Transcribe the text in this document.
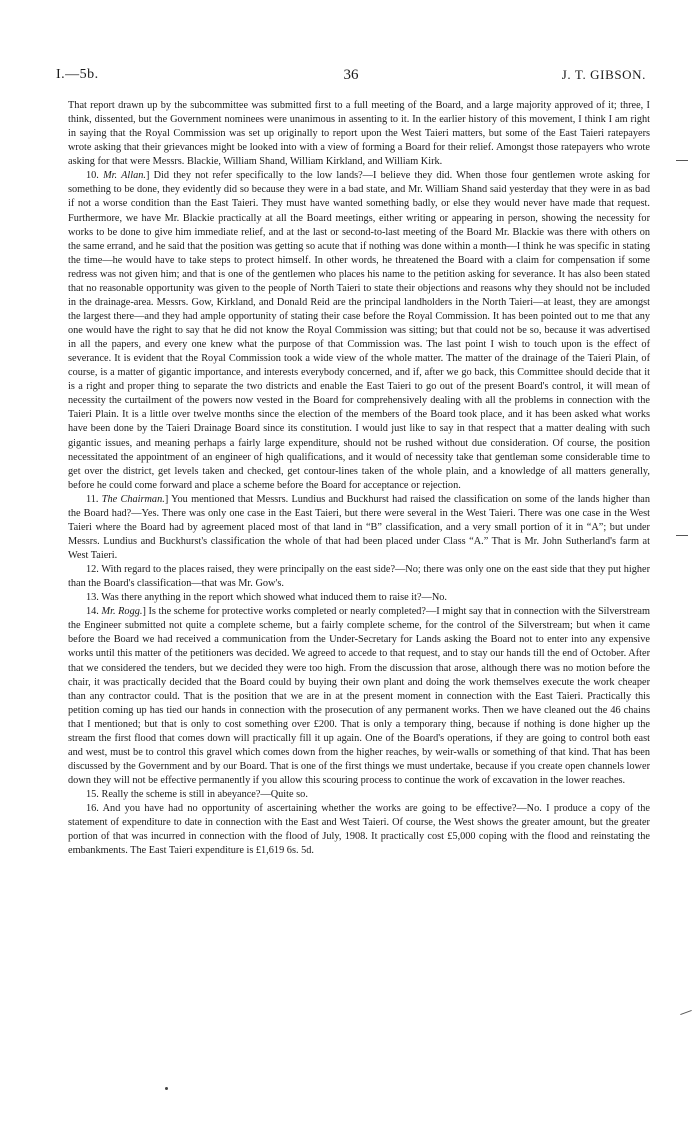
I.—5b.	36	J. T. GIBSON.

That report drawn up by the subcommittee was submitted first to a full meeting of the Board, and a large majority approved of it; three, I think, dissented, but the Government nominees were unanimous in assenting to it. In the earlier history of this movement, I think I am right in saying that the Royal Commission was set up originally to report upon the West Taieri matters, but some of the East Taieri ratepayers wrote asking that their grievances might be looked into with a view of forming a Board for their relief. Amongst those ratepayers who wrote asking for that were Messrs. Blackie, William Shand, William Kirkland, and William Kirk.

10. Mr. Allan.] Did they not refer specifically to the low lands?—I believe they did. When those four gentlemen wrote asking for something to be done, they evidently did so because they were in a bad state, and Mr. William Shand said yesterday that they were in as bad if not a worse condition than the East Taieri. They must have wanted something badly, or else they would never have made that request. Furthermore, we have Mr. Blackie practically at all the Board meetings, either writing or appearing in person, showing the necessity for works to be done to give him immediate relief, and at the last or second-to-last meeting of the Board Mr. Blackie was there with others on the same errand, and he said that the position was getting so acute that if nothing was done within a month—I think he was specific in stating the time—he would have to take steps to protect himself. In other words, he threatened the Board with a claim for compensation if some redress was not given him; and that is one of the gentlemen who places his name to the petition asking for severance. It has also been stated that no reasonable opportunity was given to the people of North Taieri to state their objections and reasons why they should not be included in the drainage-area. Messrs. Gow, Kirkland, and Donald Reid are the principal landholders in the North Taieri—at least, they are amongst the largest there—and they had ample opportunity of stating their case before the Royal Commission. It has been pointed out to me that any one would have the right to say that he did not know the Royal Commission was sitting; but that could not be so, because it was advertised in all the papers, and every one knew what the purpose of that Commission was. The last point I wish to touch upon is the effect of severance. It is evident that the Royal Commission took a wide view of the whole matter. The matter of the drainage of the Taieri Plain, of course, is a matter of gigantic importance, and interests everybody concerned, and if, after we go back, this Committee should decide that it is a right and proper thing to separate the two districts and enable the East Taieri to go out of the present Board's control, it will mean of necessity the curtailment of the powers now vested in the Board for comprehensively dealing with all the problems in connection with the Taieri Plain. It is a little over twelve months since the election of the members of the Board took place, and it has been asked what works have been done by the Taieri Drainage Board since its constitution. I would just like to say in that respect that a matter dealing with such gigantic issues, and meaning perhaps a fairly large expenditure, should not be rushed without due consideration. Of course, the position necessitated the appointment of an engineer of high qualifications, and it would of necessity take that gentleman some considerable time to get over the district, get levels taken and checked, get contour-lines taken of the whole plain, and a knowledge of all matters generally, before he could come forward and place a scheme before the Board for acceptance or rejection.

11. The Chairman.] You mentioned that Messrs. Lundius and Buckhurst had raised the classification on some of the lands higher than the Board had?—Yes. There was only one case in the East Taieri, but there were several in the West Taieri. There was one case in the West Taieri where the Board had by agreement placed most of that land in “B” classification, and a very small portion of it in “A”; but under Messrs. Lundius and Buckhurst's classification the whole of that had been placed under Class “A.” That is Mr. John Sutherland's farm at West Taieri.

12. With regard to the places raised, they were principally on the east side?—No; there was only one on the east side that they put higher than the Board's classification—that was Mr. Gow's.

13. Was there anything in the report which showed what induced them to raise it?—No.

14. Mr. Rogg.] Is the scheme for protective works completed or nearly completed?—I might say that in connection with the Silverstream the Engineer submitted not quite a complete scheme, but a fairly complete scheme, for the control of the Silverstream; but when it came before the Board we had received a communication from the Under-Secretary for Lands asking the Board not to enter into any expensive works until this matter of the petitioners was decided. We agreed to accede to that request, and to stay our hands till the end of October. After that we considered the tenders, but we decided they were too high. From the discussion that arose, although there was no motion before the chair, it was practically decided that the Board could by buying their own plant and doing the work themselves execute the work cheaper than any contractor could. That is the position that we are in at the present moment in connection with the East Taieri. Practically this petition coming up has tied our hands in connection with the prosecution of any permanent works. Then we have cleaned out the 46 chains that I mentioned; but that is only to cost something over £200. That is only a temporary thing, because if nothing is done higher up the stream the first flood that comes down will practically fill it up again. One of the Board's operations, if they are going to control both east and west, must be to control this gravel which comes down from the higher reaches, by weir-walls or something of that kind. That has been discussed by the Government and by our Board. That is one of the first things we must undertake, because if you create open channels lower down they will not be effective permanently if you allow this scouring process to continue the work of excavation in the lower reaches.

15. Really the scheme is still in abeyance?—Quite so.

16. And you have had no opportunity of ascertaining whether the works are going to be effective?—No. I produce a copy of the statement of expenditure to date in connection with the East and West Taieri. Of course, the West shows the greater amount, but the greater portion of that was incurred in connection with the flood of July, 1908. It practically cost £5,000 coping with the flood and reinstating the embankments. The East Taieri expenditure is £1,619 6s. 5d.
